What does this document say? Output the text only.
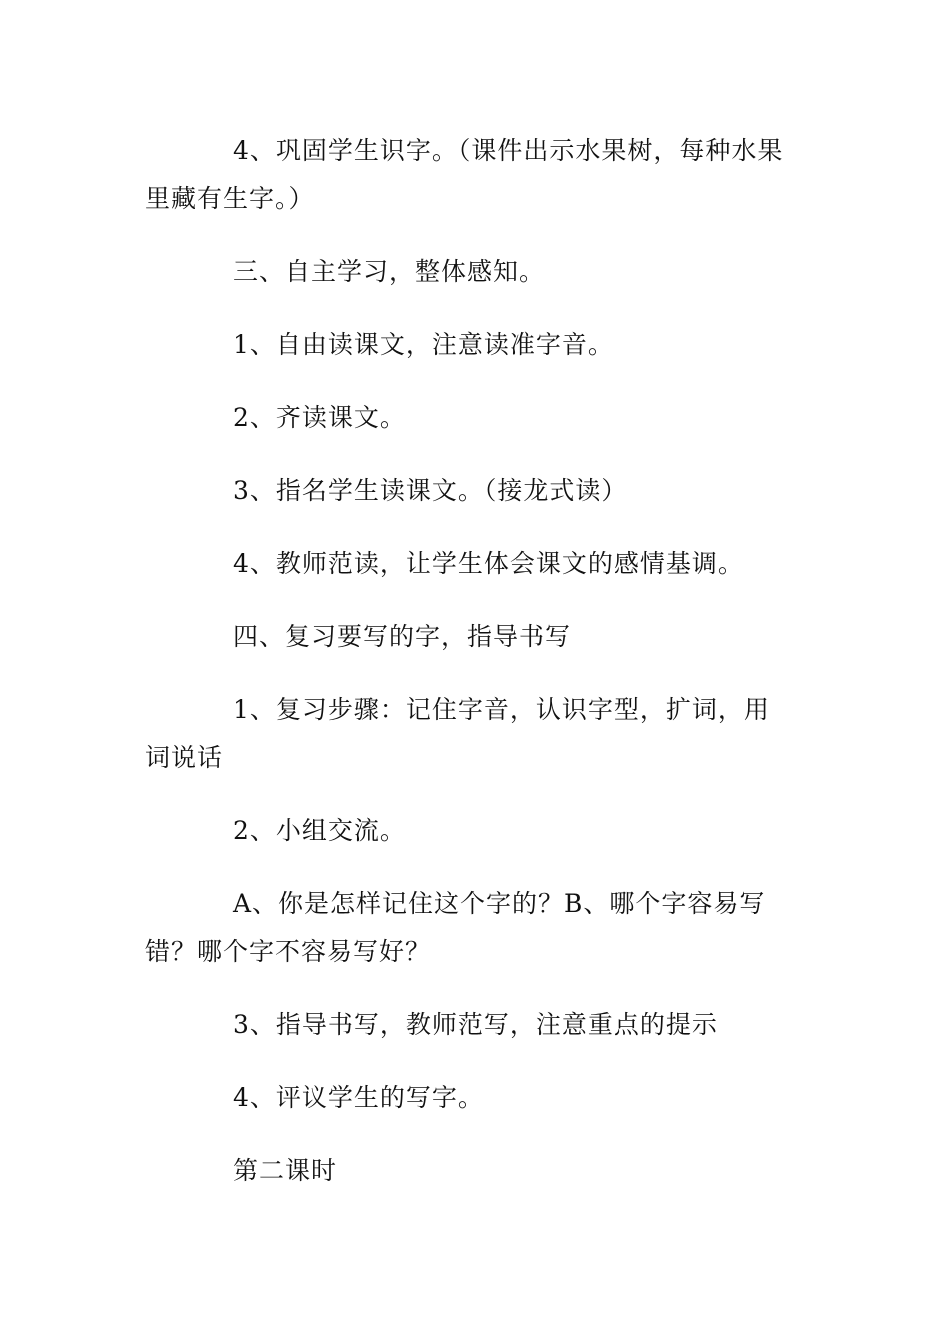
4、巩固学生识字。（课件出示水果树，每种水果里藏有生字。）

三、自主学习，整体感知。

1、自由读课文，注意读准字音。

2、齐读课文。

3、指名学生读课文。（接龙式读）

4、教师范读，让学生体会课文的感情基调。

四、复习要写的字，指导书写

1、复习步骤：记住字音，认识字型，扩词，用词说话

2、小组交流。

A、你是怎样记住这个字的？B、哪个字容易写错？哪个字不容易写好？

3、指导书写，教师范写，注意重点的提示

4、评议学生的写字。

第二课时
